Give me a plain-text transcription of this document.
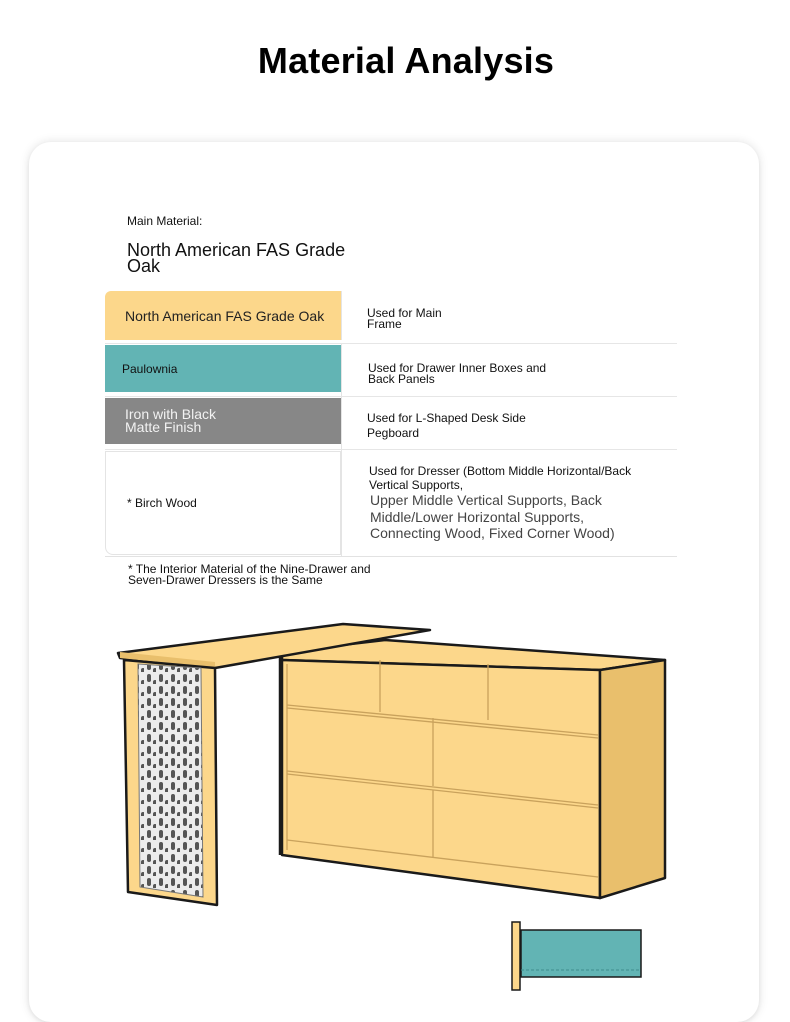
Material Analysis
Main Material:
North American FAS Grade Oak
North American FAS Grade Oak	Used for Main Frame
Paulownia	Used for Drawer Inner Boxes and Back Panels
Iron with Black Matte Finish
Used for L-Shaped Desk Side Pegboard
* Birch Wood
Used for Dresser (Bottom Middle Horizontal/Back Vertical Supports,
Upper Middle Vertical Supports, Back Middle/Lower Horizontal Supports, Connecting Wood, Fixed Corner Wood)
* The Interior Material of the Nine-Drawer and Seven-Drawer Dressers is the Same
